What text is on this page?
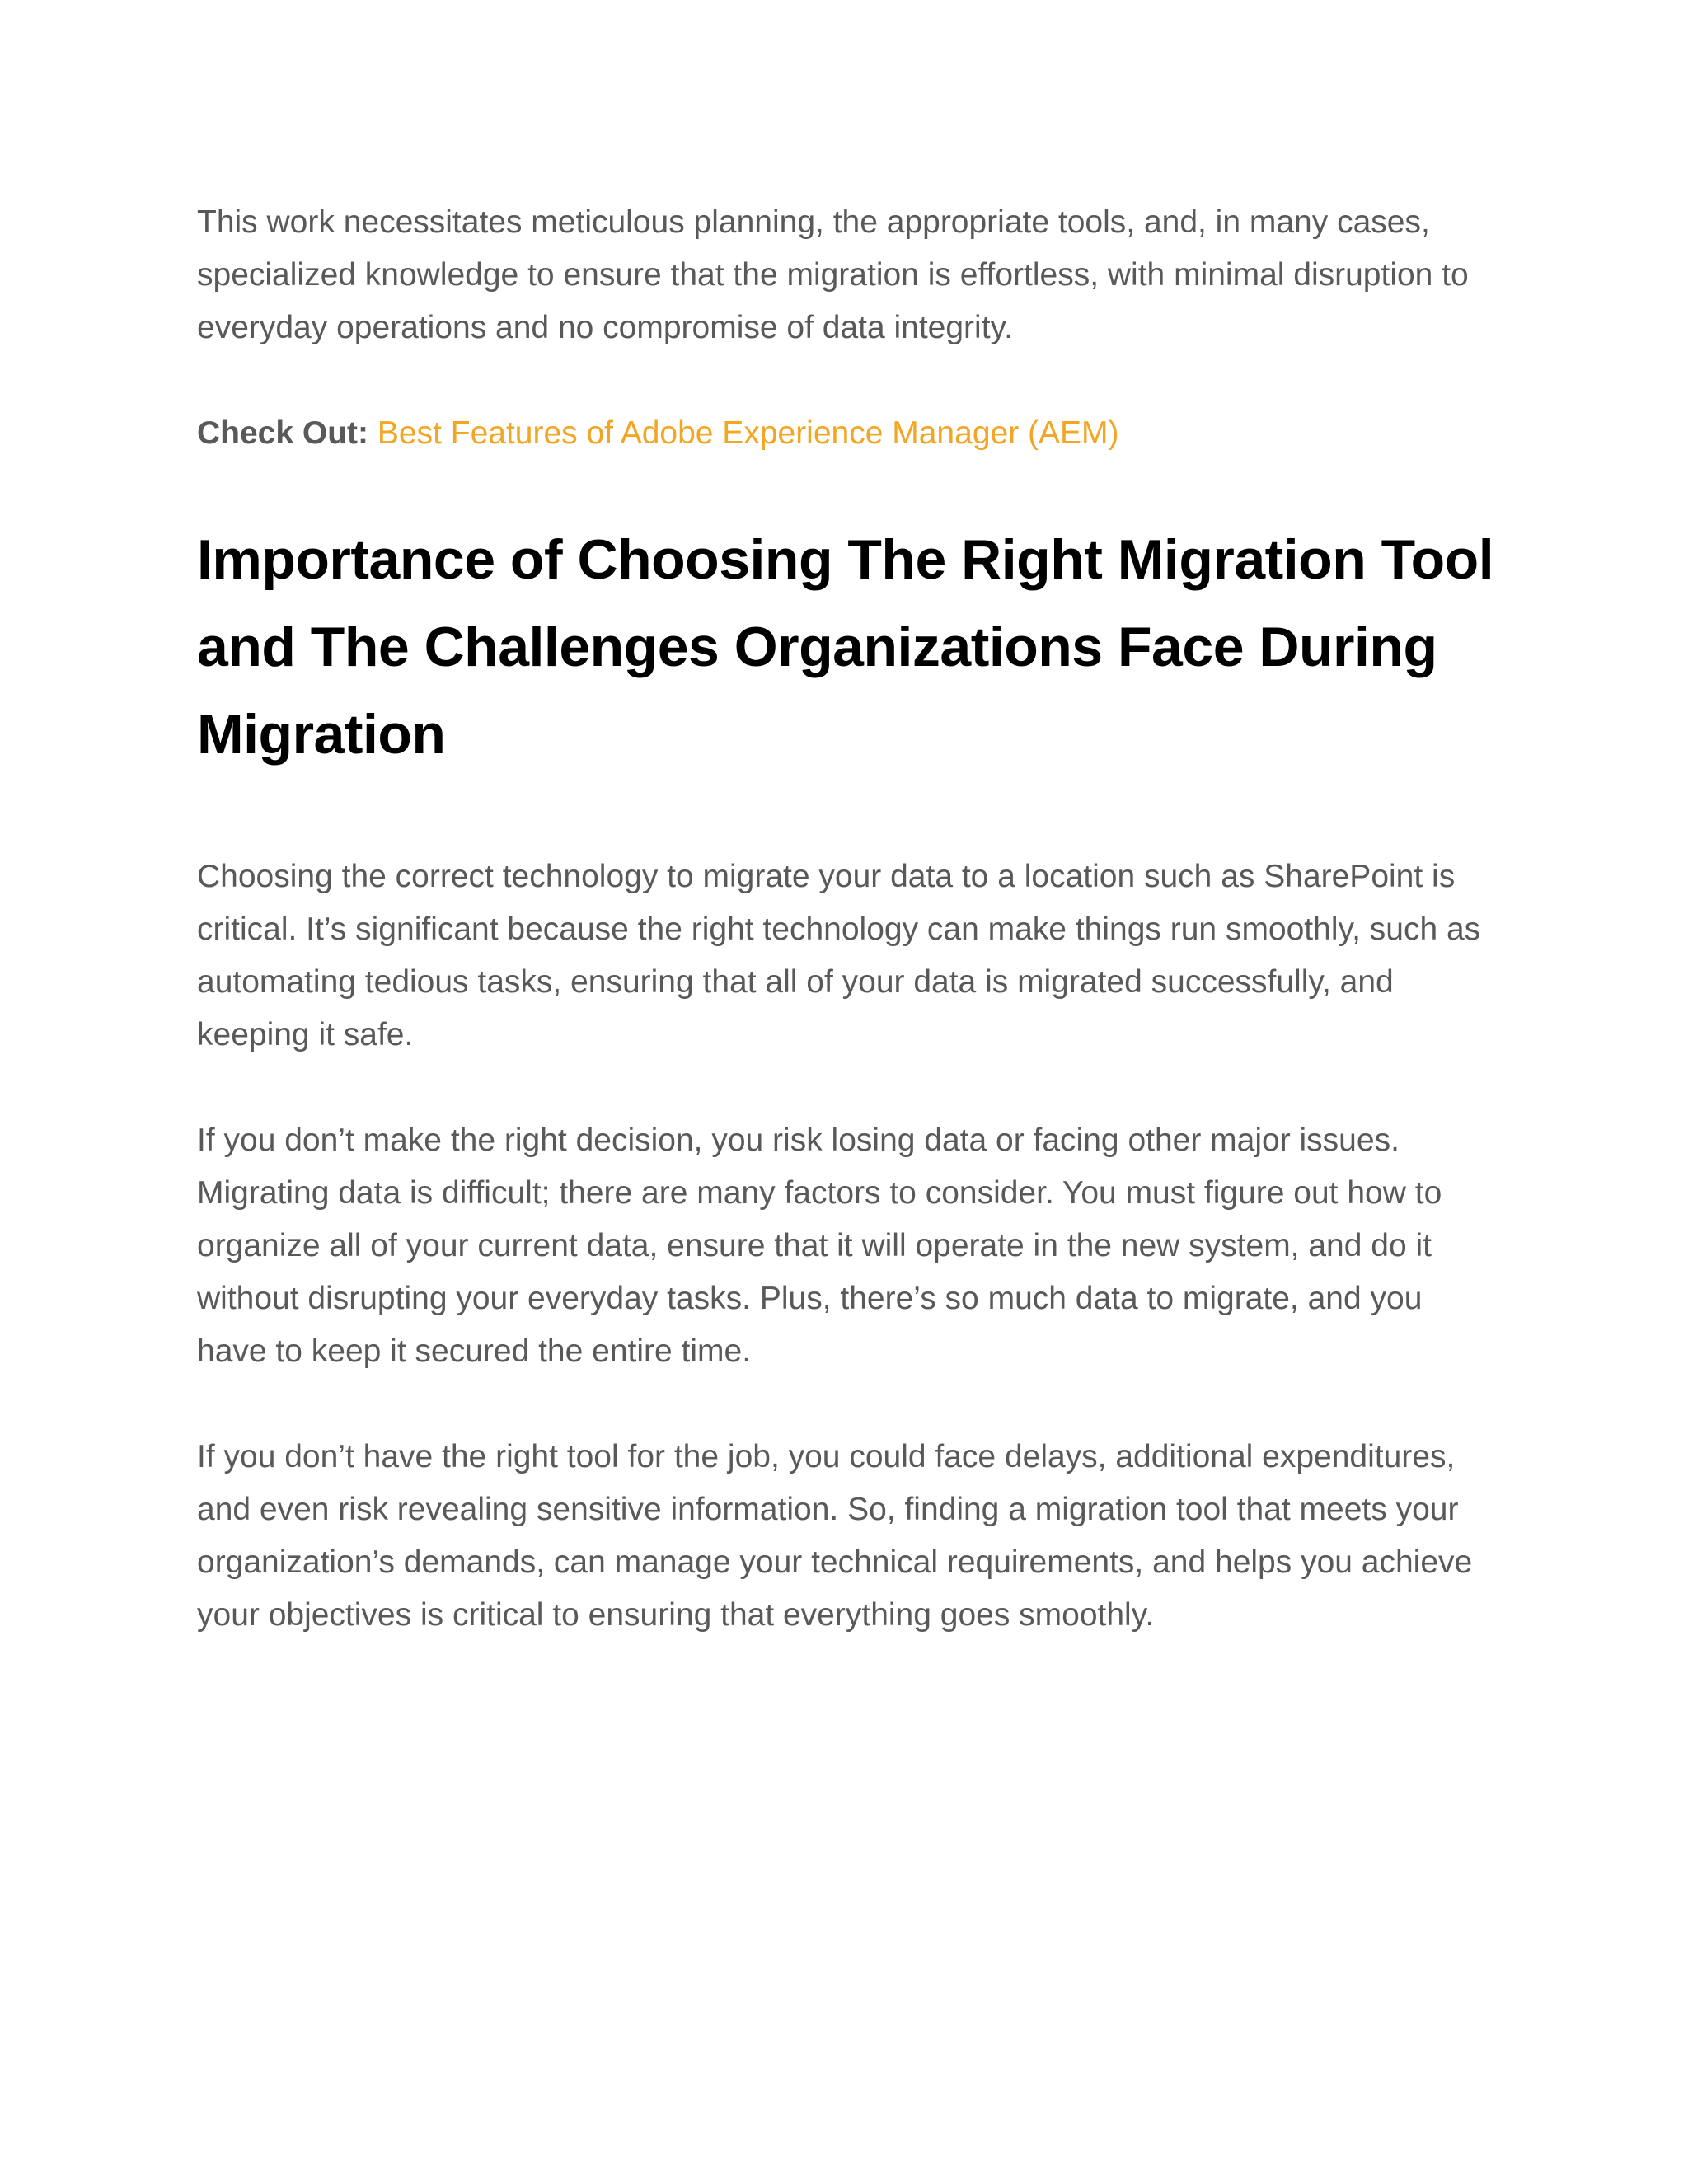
This work necessitates meticulous planning, the appropriate tools, and, in many cases, specialized knowledge to ensure that the migration is effortless, with minimal disruption to everyday operations and no compromise of data integrity.

Check Out: Best Features of Adobe Experience Manager (AEM)

Importance of Choosing The Right Migration Tool and The Challenges Organizations Face During Migration

Choosing the correct technology to migrate your data to a location such as SharePoint is critical. It’s significant because the right technology can make things run smoothly, such as automating tedious tasks, ensuring that all of your data is migrated successfully, and keeping it safe.

If you don’t make the right decision, you risk losing data or facing other major issues. Migrating data is difficult; there are many factors to consider. You must figure out how to organize all of your current data, ensure that it will operate in the new system, and do it without disrupting your everyday tasks. Plus, there’s so much data to migrate, and you have to keep it secured the entire time.

If you don’t have the right tool for the job, you could face delays, additional expenditures, and even risk revealing sensitive information. So, finding a migration tool that meets your organization’s demands, can manage your technical requirements, and helps you achieve your objectives is critical to ensuring that everything goes smoothly.
